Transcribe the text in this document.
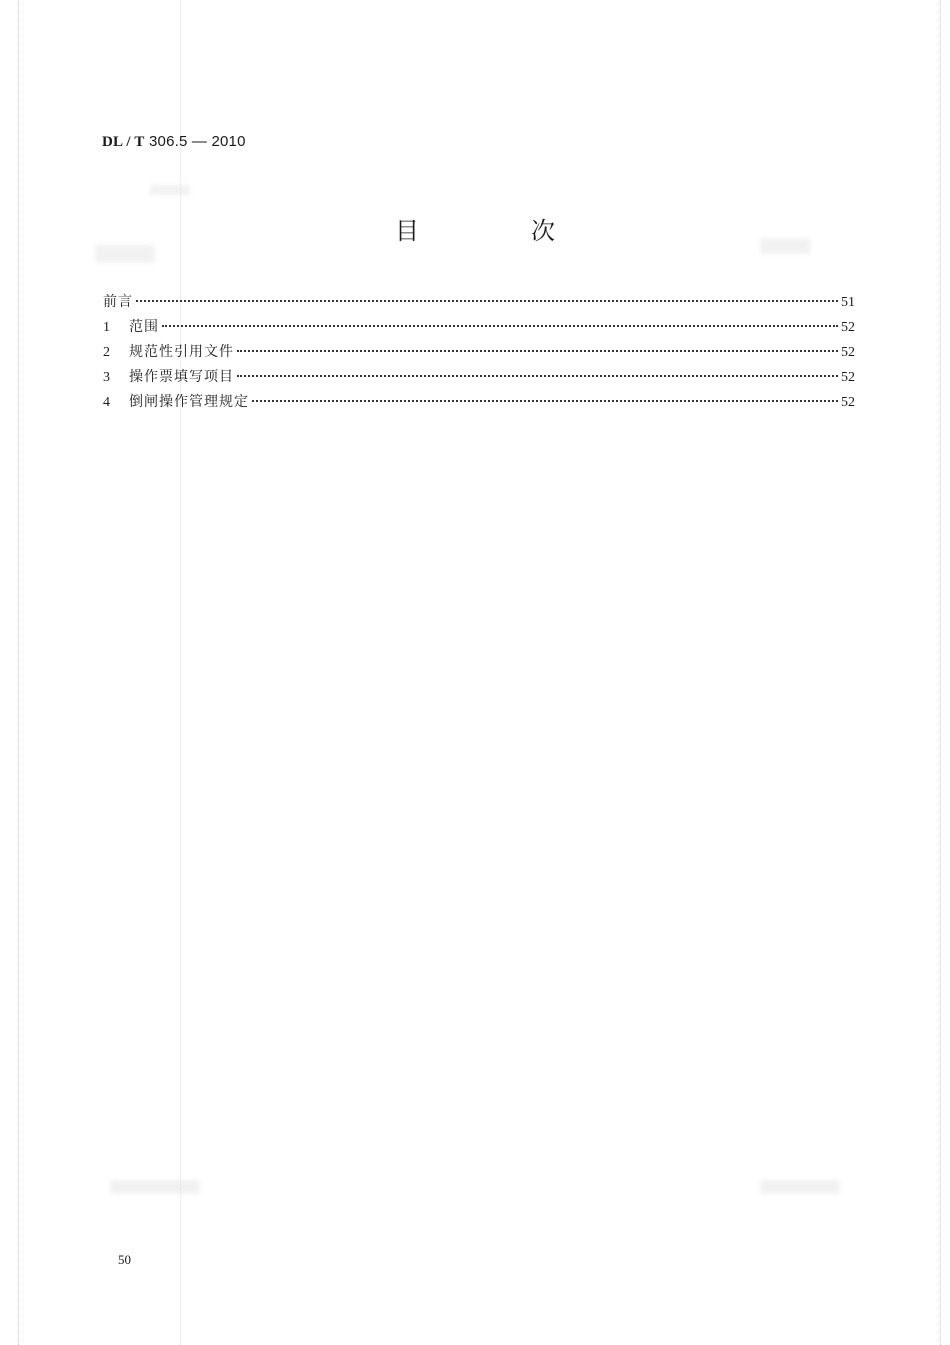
DL / T 306.5 — 2010
目　次
前言	51
1	范围	52
2	规范性引用文件	52
3	操作票填写项目	52
4	倒闸操作管理规定	52
50
